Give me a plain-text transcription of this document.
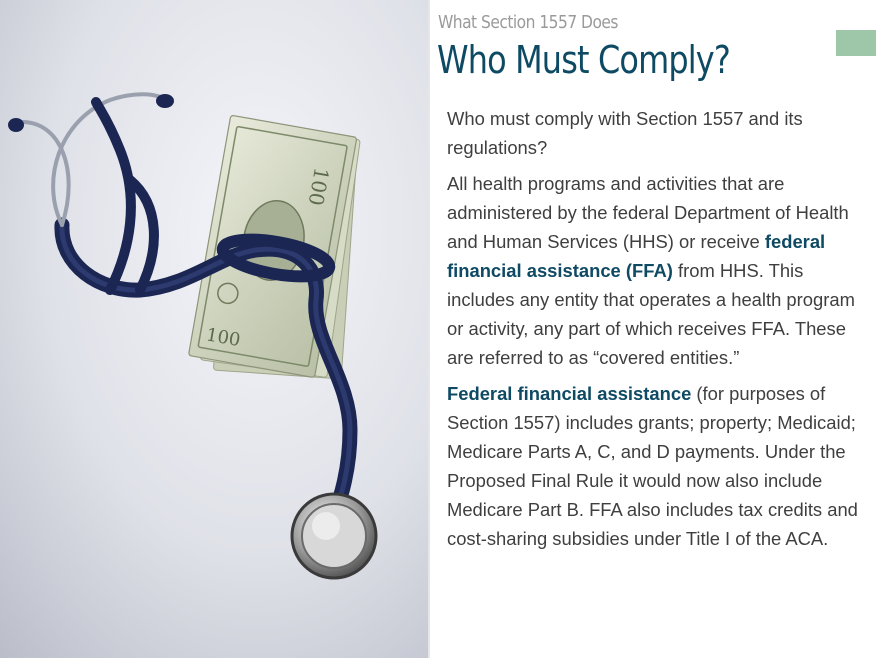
100
100
What Section 1557 Does
Who Must Comply?

Who must comply with Section 1557 and its regulations?

All health programs and activities that are administered by the federal Department of Health and Human Services (HHS) or receive federal financial assistance (FFA) from HHS. This includes any entity that operates a health program or activity, any part of which receives FFA. These are referred to as “covered entities.”

Federal financial assistance (for purposes of Section 1557) includes grants; property; Medicaid; Medicare Parts A, C, and D payments. Under the Proposed Final Rule it would now also include Medicare Part B. FFA also includes tax credits and cost-sharing subsidies under Title I of the ACA.
